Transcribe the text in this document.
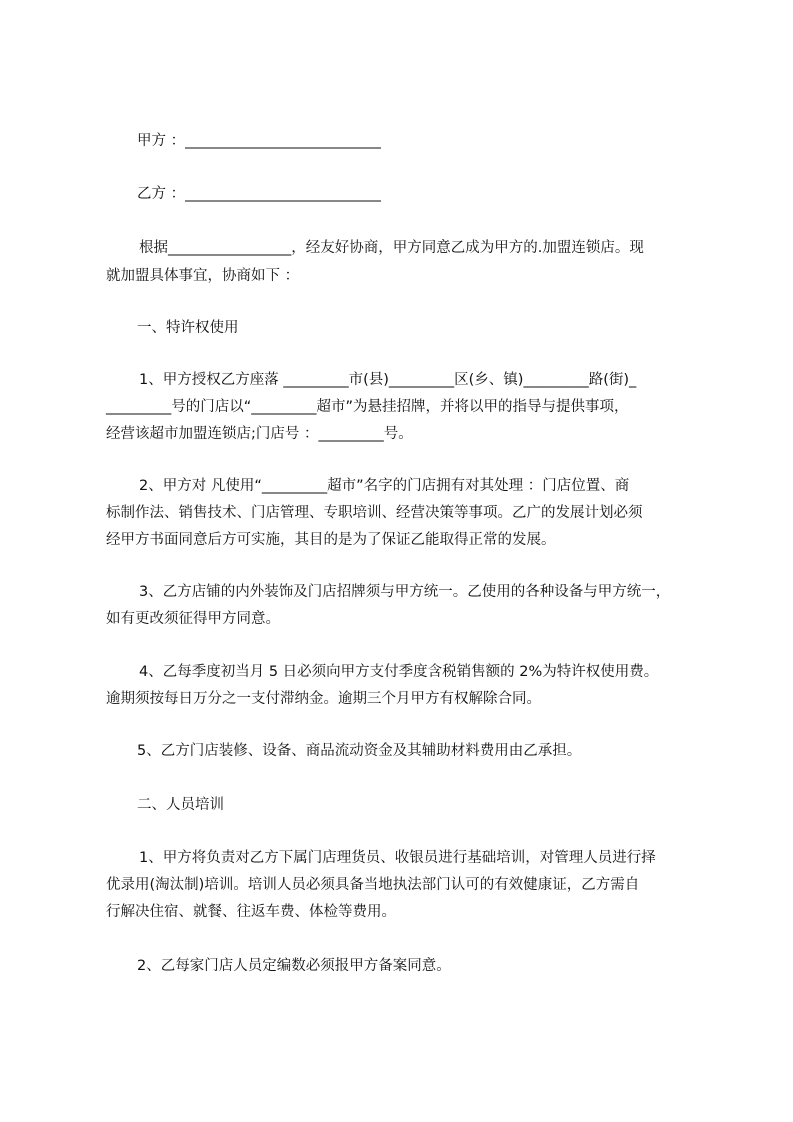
甲方 ：___________________________
乙方 ：___________________________
根据_________________，经友好协商，甲方同意乙成为甲方的.加盟连锁店。现
就加盟具体事宜，协商如下 ：
一、特许权使用
1、甲方授权乙方座落 _________市(县)_________区(乡、镇)_________路(街)_
_________号的门店以“_________超市”为悬挂招牌，并将以甲的指导与提供事项，
经营该超市加盟连锁店;门店号 ：_________号。
2、甲方对 凡使用“_________超市”名字的门店拥有对其处理 ：门店位置、商
标制作法、销售技术、门店管理、专职培训、经营决策等事项。乙广的发展计划必须
经甲方书面同意后方可实施，其目的是为了保证乙能取得正常的发展。
3、乙方店铺的内外装饰及门店招牌须与甲方统一。乙使用的各种设备与甲方统一，
如有更改须征得甲方同意。
4、乙每季度初当月 5 日必须向甲方支付季度含税销售额的 2%为特许权使用费。
逾期须按每日万分之一支付滞纳金。逾期三个月甲方有权解除合同。
5、乙方门店装修、设备、商品流动资金及其辅助材料费用由乙承担。
二、人员培训
1、甲方将负责对乙方下属门店理货员、收银员进行基础培训，对管理人员进行择
优录用(淘汰制)培训。培训人员必须具备当地执法部门认可的有效健康证，乙方需自
行解决住宿、就餐、往返车费、体检等费用。
2、乙每家门店人员定编数必须报甲方备案同意。
